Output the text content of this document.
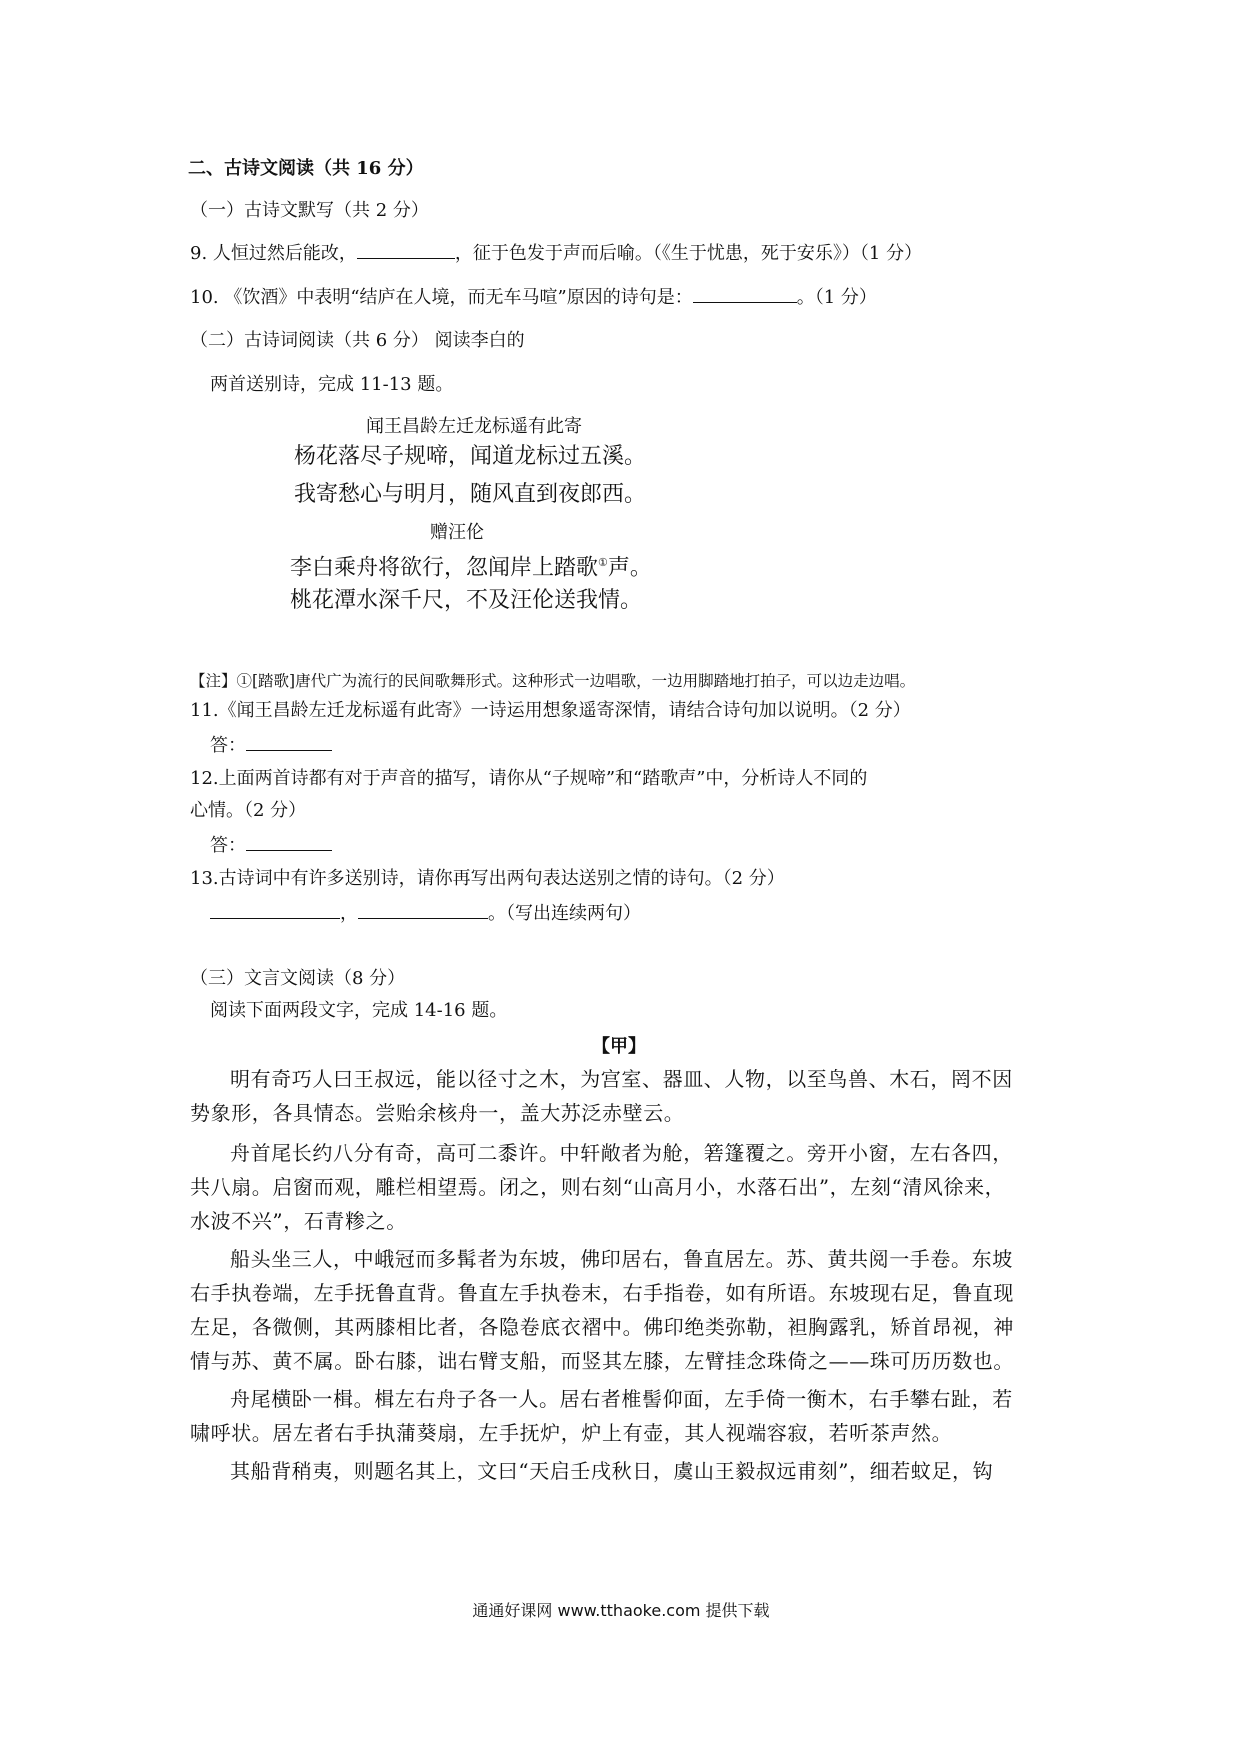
二、古诗文阅读（共 16 分）
（一）古诗文默写（共 2 分）
9. 人恒过然后能改，	，征于色发于声而后喻。（《生于忧患，死于安乐》）（1 分）
10. 《饮酒》中表明“结庐在人境，而无车马喧”原因的诗句是：	。（1 分）
（二）古诗词阅读（共 6 分） 阅读李白的
两首送别诗，完成 11-13 题。
闻王昌龄左迁龙标遥有此寄
杨花落尽子规啼，闻道龙标过五溪。
我寄愁心与明月，随风直到夜郎西。
赠汪伦
李白乘舟将欲行，忽闻岸上踏歌①声。
桃花潭水深千尺，不及汪伦送我情。
【注】①[踏歌]唐代广为流行的民间歌舞形式。这种形式一边唱歌，一边用脚踏地打拍子，可以边走边唱。
11.《闻王昌龄左迁龙标遥有此寄》一诗运用想象遥寄深情，请结合诗句加以说明。（2 分）
答：
12.上面两首诗都有对于声音的描写，请你从“子规啼”和“踏歌声”中，分析诗人不同的
心情。（2 分）
答：
13.古诗词中有许多送别诗，请你再写出两句表达送别之情的诗句。（2 分）
，	。（写出连续两句）
（三）文言文阅读（8 分）
阅读下面两段文字，完成 14-16 题。
【甲】
明有奇巧人曰王叔远，能以径寸之木，为宫室、器皿、人物，以至鸟兽、木石，罔不因
势象形，各具情态。尝贻余核舟一，盖大苏泛赤壁云。
舟首尾长约八分有奇，高可二黍许。中轩敞者为舱，箬篷覆之。旁开小窗，左右各四，
共八扇。启窗而观，雕栏相望焉。闭之，则右刻“山高月小，水落石出”，左刻“清风徐来，
水波不兴”，石青糁之。
船头坐三人，中峨冠而多髯者为东坡，佛印居右，鲁直居左。苏、黄共阅一手卷。东坡
右手执卷端，左手抚鲁直背。鲁直左手执卷末，右手指卷，如有所语。东坡现右足，鲁直现
左足，各微侧，其两膝相比者，各隐卷底衣褶中。佛印绝类弥勒，袒胸露乳，矫首昂视，神
情与苏、黄不属。卧右膝，诎右臂支船，而竖其左膝，左臂挂念珠倚之——珠可历历数也。
舟尾横卧一楫。楫左右舟子各一人。居右者椎髻仰面，左手倚一衡木，右手攀右趾，若
啸呼状。居左者右手执蒲葵扇，左手抚炉，炉上有壶，其人视端容寂，若听茶声然。
其船背稍夷，则题名其上，文曰“天启壬戌秋日，虞山王毅叔远甫刻”，细若蚊足，钩
通通好课网 www.tthaoke.com 提供下载
